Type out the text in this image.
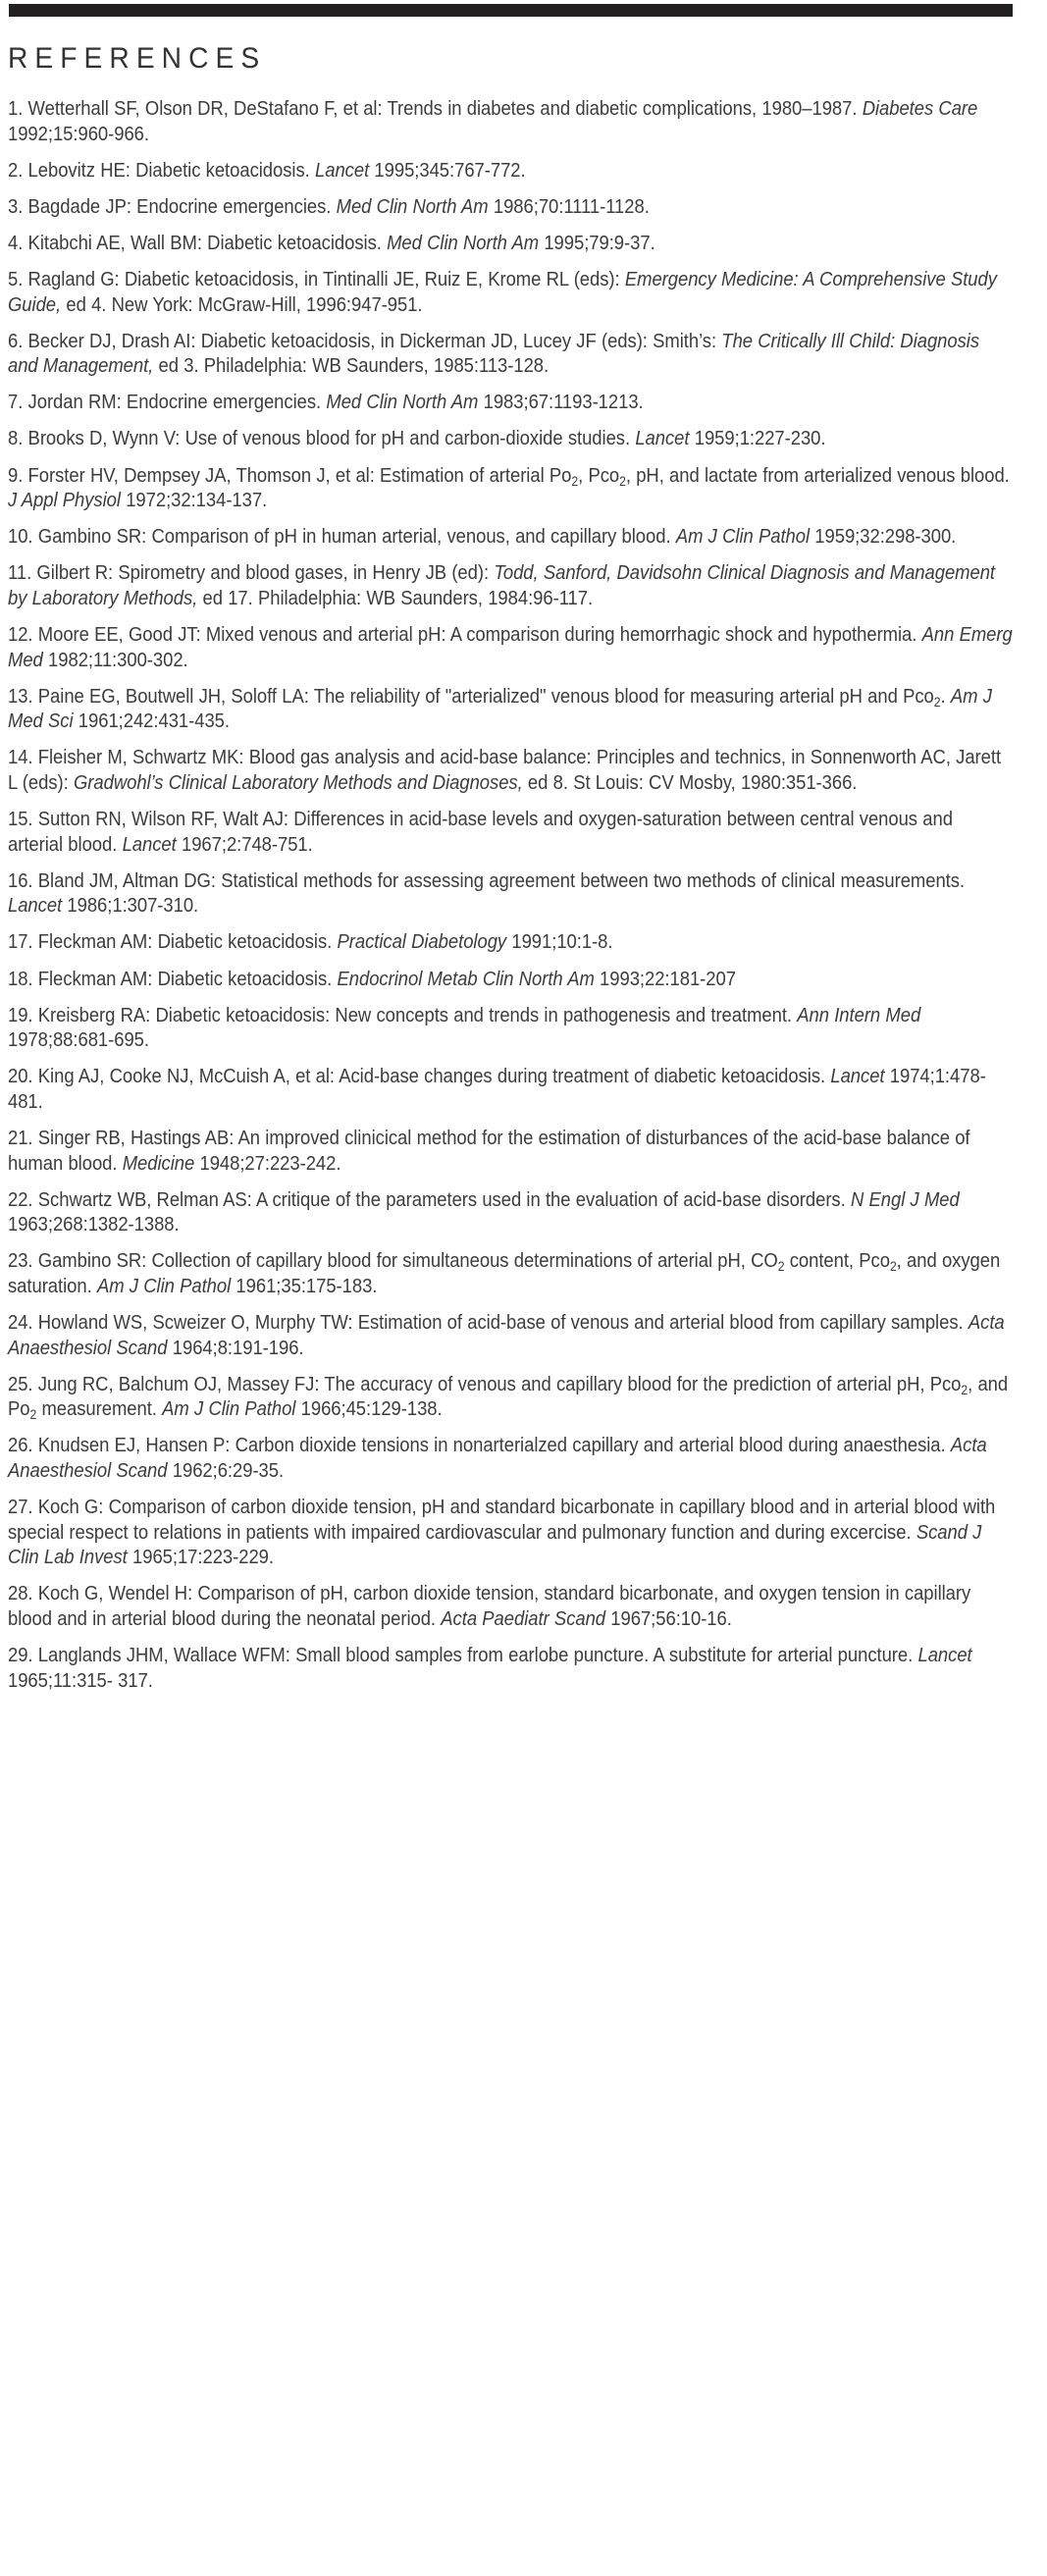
REFERENCES

1. Wetterhall SF, Olson DR, DeStafano F, et al: Trends in diabetes and diabetic complications, 1980–1987. Diabetes Care 1992;15:960-966.

2. Lebovitz HE: Diabetic ketoacidosis. Lancet 1995;345:767-772.

3. Bagdade JP: Endocrine emergencies. Med Clin North Am 1986;70:1111-1128.

4. Kitabchi AE, Wall BM: Diabetic ketoacidosis. Med Clin North Am 1995;79:9-37.

5. Ragland G: Diabetic ketoacidosis, in Tintinalli JE, Ruiz E, Krome RL (eds): Emergency Medicine: A Comprehensive Study Guide, ed 4. New York: McGraw-Hill, 1996:947-951.

6. Becker DJ, Drash AI: Diabetic ketoacidosis, in Dickerman JD, Lucey JF (eds): Smith’s: The Critically Ill Child: Diagnosis and Management, ed 3. Philadelphia: WB Saunders, 1985:113-128.

7. Jordan RM: Endocrine emergencies. Med Clin North Am 1983;67:1193-1213.

8. Brooks D, Wynn V: Use of venous blood for pH and carbon-dioxide studies. Lancet 1959;1:227-230.

9. Forster HV, Dempsey JA, Thomson J, et al: Estimation of arterial $Po_2$, Pco$_2$, pH, and lactate from arterialized venous blood. J Appl Physiol 1972;32:134-137.

10. Gambino SR: Comparison of pH in human arterial, venous, and capillary blood. Am J Clin Pathol 1959;32:298-300.

11. Gilbert R: Spirometry and blood gases, in Henry JB (ed): Todd, Sanford, Davidsohn Clinical Diagnosis and Management by Laboratory Methods, ed 17. Philadelphia: WB Saunders, 1984:96-117.

12. Moore EE, Good JT: Mixed venous and arterial pH: A comparison during hemorrhagic shock and hypothermia. Ann Emerg Med 1982;11:300-302.

13. Paine EG, Boutwell JH, Soloff LA: The reliability of "arterialized" venous blood for measuring arterial pH and Pco$_2$. Am J Med Sci 1961;242:431-435.

14. Fleisher M, Schwartz MK: Blood gas analysis and acid-base balance: Principles and technics, in Sonnenworth AC, Jarett L (eds): Gradwohl’s Clinical Laboratory Methods and Diagnoses, ed 8. St Louis: CV Mosby, 1980:351-366.

15. Sutton RN, Wilson RF, Walt AJ: Differences in acid-base levels and oxygen-saturation between central venous and arterial blood. Lancet 1967;2:748-751.

16. Bland JM, Altman DG: Statistical methods for assessing agreement between two methods of clinical measurements. Lancet 1986;1:307-310.

17. Fleckman AM: Diabetic ketoacidosis. Practical Diabetology 1991;10:1-8.

18. Fleckman AM: Diabetic ketoacidosis. Endocrinol Metab Clin North Am 1993;22:181-207

19. Kreisberg RA: Diabetic ketoacidosis: New concepts and trends in pathogenesis and treatment. Ann Intern Med 1978;88:681-695.

20. King AJ, Cooke NJ, McCuish A, et al: Acid-base changes during treatment of diabetic ketoacidosis. Lancet 1974;1:478-481.

21. Singer RB, Hastings AB: An improved clinicical method for the estimation of disturbances of the acid-base balance of human blood. Medicine 1948;27:223-242.

22. Schwartz WB, Relman AS: A critique of the parameters used in the evaluation of acid-base disorders. N Engl J Med 1963;268:1382-1388.

23. Gambino SR: Collection of capillary blood for simultaneous determinations of arterial pH, $CO_2$ content, Pco$_2$, and oxygen saturation. Am J Clin Pathol 1961;35:175-183.

24. Howland WS, Scweizer O, Murphy TW: Estimation of acid-base of venous and arterial blood from capillary samples. Acta Anaesthesiol Scand 1964;8:191-196.

25. Jung RC, Balchum OJ, Massey FJ: The accuracy of venous and capillary blood for the prediction of arterial pH, Pco$_2$, and $Po_2$ measurement. Am J Clin Pathol 1966;45:129-138.

26. Knudsen EJ, Hansen P: Carbon dioxide tensions in nonarterialzed capillary and arterial blood during anaesthesia. Acta Anaesthesiol Scand 1962;6:29-35.

27. Koch G: Comparison of carbon dioxide tension, pH and standard bicarbonate in capillary blood and in arterial blood with special respect to relations in patients with impaired cardiovascular and pulmonary function and during excercise. Scand J Clin Lab Invest 1965;17:223-229.

28. Koch G, Wendel H: Comparison of pH, carbon dioxide tension, standard bicarbonate, and oxygen tension in capillary blood and in arterial blood during the neonatal period. Acta Paediatr Scand 1967;56:10-16.

29. Langlands JHM, Wallace WFM: Small blood samples from earlobe puncture. A substitute for arterial puncture. Lancet 1965;11:315- 317.
